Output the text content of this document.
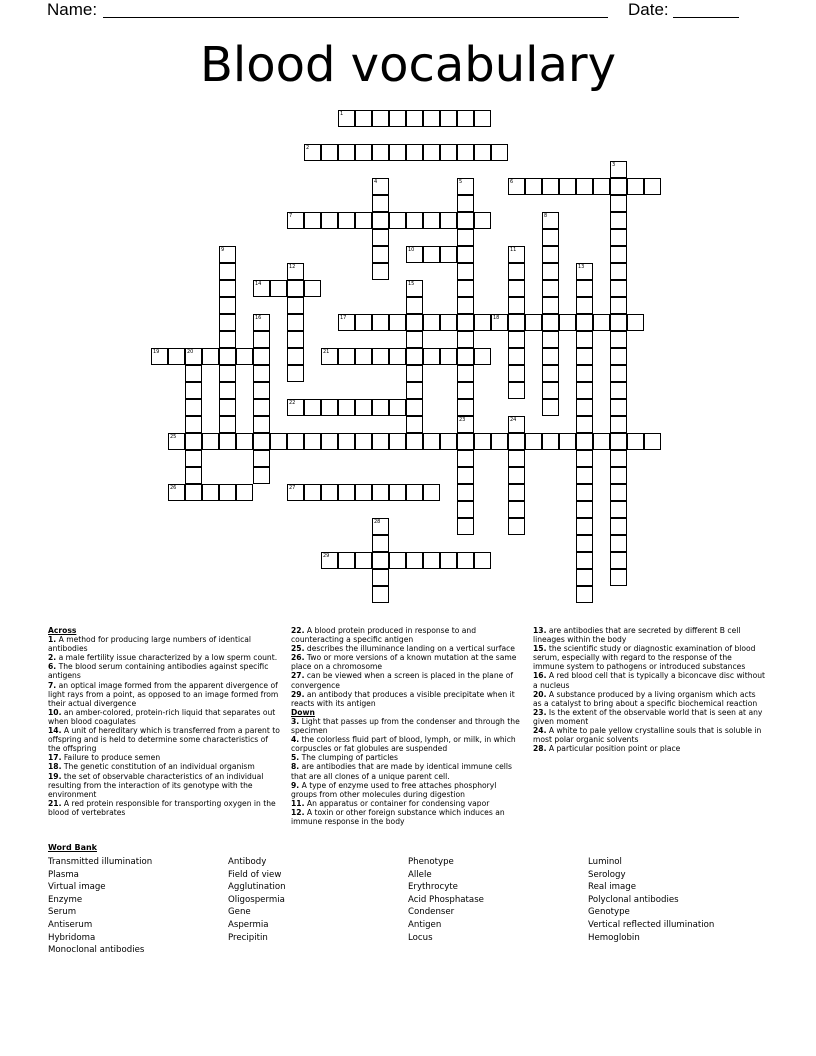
Name:	Date:
Blood vocabulary
1
2
3
4	5
23
6
7	8
9	10	11
12	13
14	15
16	17	18
19	20	21
22
24
25
26	27
28
29
Across
1. A method for producing large numbers of identical antibodies
2. a male fertility issue characterized by a low sperm count.
6. The blood serum containing antibodies against specific antigens
7. an optical image formed from the apparent divergence of light rays from a point, as opposed to an image formed from their actual divergence
10. an amber-colored, protein-rich liquid that separates out when blood coagulates
14. A unit of hereditary which is transferred from a parent to offspring and is held to determine some characteristics of the offspring
17. Failure to produce semen
18. The genetic constitution of an individual organism
19. the set of observable characteristics of an individual resulting from the interaction of its genotype with the environment
21. A red protein responsible for transporting oxygen in the blood of vertebrates
22. A blood protein produced in response to and counteracting a specific antigen
25. describes the illuminance landing on a vertical surface
26. Two or more versions of a known mutation at the same place on a chromosome
27. can be viewed when a screen is placed in the plane of convergence
29. an antibody that produces a visible precipitate when it reacts with its antigen
Down
3. Light that passes up from the condenser and through the specimen
4. the colorless fluid part of blood, lymph, or milk, in which corpuscles or fat globules are suspended
5. The clumping of particles
8. are antibodies that are made by identical immune cells that are all clones of a unique parent cell.
9. A type of enzyme used to free attaches phosphoryl groups from other molecules during digestion
11. An apparatus or container for condensing vapor
12. A toxin or other foreign substance which induces an immune response in the body
13. are antibodies that are secreted by different B cell lineages within the body
15. the scientific study or diagnostic examination of blood serum, especially with regard to the response of the immune system to pathogens or introduced substances
16. A red blood cell that is typically a biconcave disc without a nucleus
20. A substance produced by a living organism which acts as a catalyst to bring about a specific biochemical reaction
23. Is the extent of the observable world that is seen at any given moment
24. A white to pale yellow crystalline souls that is soluble in most polar organic solvents
28. A particular position point or place
Word Bank
Transmitted illumination
Plasma
Virtual image
Enzyme
Serum
Antiserum
Hybridoma
Monoclonal antibodies
Antibody
Field of view
Agglutination
Oligospermia
Gene
Aspermia
Precipitin
Phenotype
Allele
Erythrocyte
Acid Phosphatase
Condenser
Antigen
Locus
Luminol
Serology
Real image
Polyclonal antibodies
Genotype
Vertical reflected illumination
Hemoglobin
